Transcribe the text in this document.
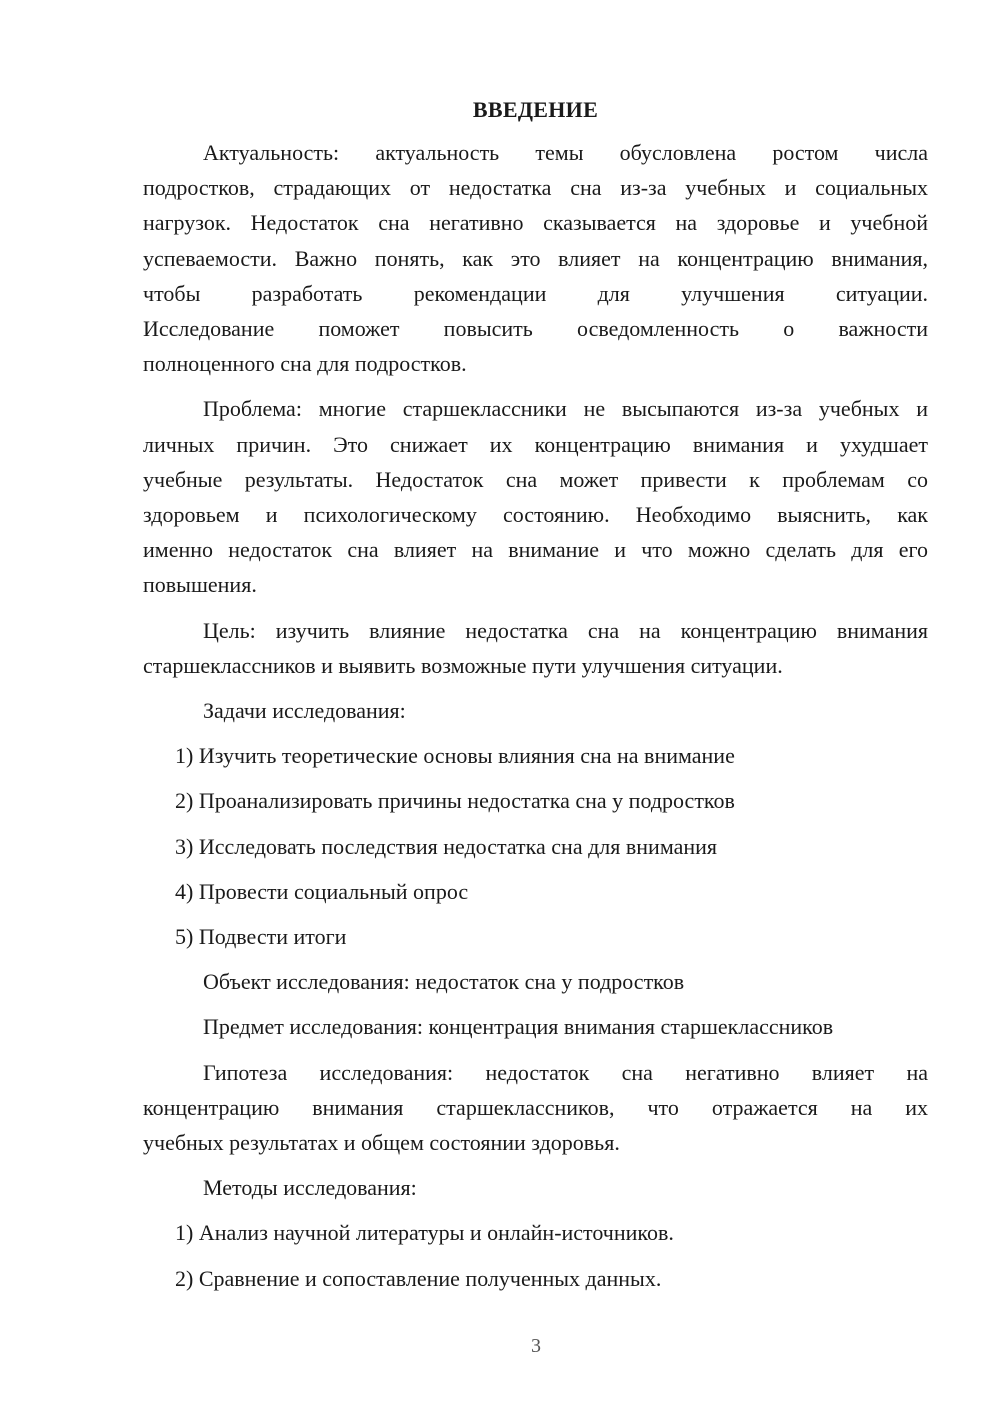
ВВЕДЕНИЕ
Актуальность: актуальность темы обусловлена ростом числа
подростков, страдающих от недостатка сна из-за учебных и социальных
нагрузок. Недостаток сна негативно сказывается на здоровье и учебной
успеваемости. Важно понять, как это влияет на концентрацию внимания,
чтобы разработать рекомендации для улучшения ситуации.
Исследование поможет повысить осведомленность о важности
полноценного сна для подростков.
Проблема: многие старшеклассники не высыпаются из-за учебных и
личных причин. Это снижает их концентрацию внимания и ухудшает
учебные результаты. Недостаток сна может привести к проблемам со
здоровьем и психологическому состоянию. Необходимо выяснить, как
именно недостаток сна влияет на внимание и что можно сделать для его
повышения.
Цель: изучить влияние недостатка сна на концентрацию внимания
старшеклассников и выявить возможные пути улучшения ситуации.
Задачи исследования:
1) Изучить теоретические основы влияния сна на внимание
2) Проанализировать причины недостатка сна у подростков
3) Исследовать последствия недостатка сна для внимания
4) Провести социальный опрос
5) Подвести итоги
Объект исследования: недостаток сна у подростков
Предмет исследования: концентрация внимания старшеклассников
Гипотеза исследования: недостаток сна негативно влияет на
концентрацию внимания старшеклассников, что отражается на их
учебных результатах и общем состоянии здоровья.
Методы исследования:
1) Анализ научной литературы и онлайн-источников.
2) Сравнение и сопоставление полученных данных.
3
